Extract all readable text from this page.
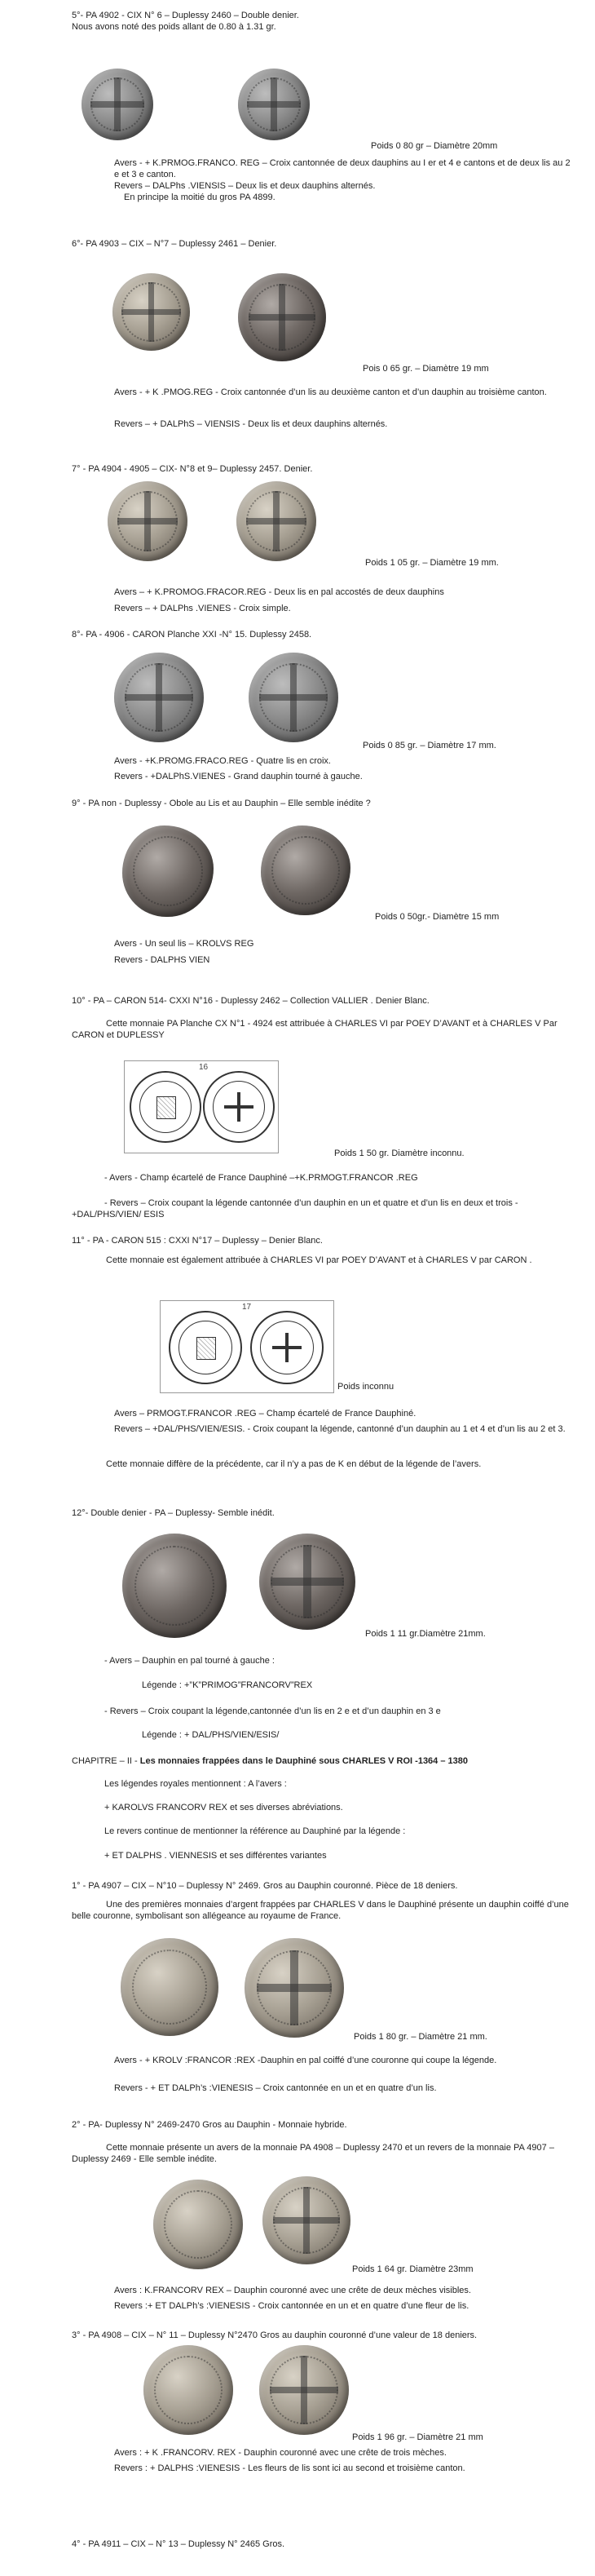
5°- PA 4902 - CIX N° 6 – Duplessy 2460 – Double denier.
Nous avons noté des poids allant de 0.80 à 1.31 gr.
Poids 0 80 gr – Diamètre 20mm
Avers - + K.PRMOG.FRANCO. REG – Croix cantonnée de deux dauphins au I er et 4 e cantons et de deux lis au 2 e et 3 e canton.
Revers – DALPhs .VIENSIS – Deux lis et deux dauphins alternés.
En principe la moitié du gros PA 4899.
6°- PA 4903 – CIX – N°7 – Duplessy 2461 – Denier.
Pois 0 65 gr. – Diamètre 19 mm
Avers - + K .PMOG.REG - Croix cantonnée d’un lis au deuxième canton et d’un dauphin au troisième canton.
Revers – + DALPhS – VIENSIS - Deux lis et deux dauphins alternés.
7° - PA 4904 - 4905 – CIX- N°8 et 9– Duplessy 2457. Denier.
Poids 1 05 gr. – Diamètre 19 mm.
Avers – + K.PROMOG.FRACOR.REG - Deux lis en pal accostés de deux dauphins
Revers – + DALPhs .VIENES - Croix simple.
8°- PA - 4906 - CARON Planche XXI -N° 15. Duplessy 2458.
Poids 0 85 gr. – Diamètre 17 mm.
Avers - +K.PROMG.FRACO.REG - Quatre lis en croix.
Revers - +DALPhS.VIENES - Grand dauphin tourné à gauche.
9° - PA non - Duplessy - Obole au Lis et au Dauphin – Elle semble inédite ?
Poids 0 50gr.- Diamètre 15 mm
Avers - Un seul lis – KROLVS REG
Revers - DALPHS VIEN
10° - PA – CARON 514- CXXI N°16 - Duplessy 2462 – Collection VALLIER . Denier Blanc.
Cette monnaie PA Planche CX N°1 - 4924 est attribuée à CHARLES VI par POEY D’AVANT et à CHARLES V Par CARON et DUPLESSY
16
Poids 1 50 gr. Diamètre inconnu.
- Avers - Champ écartelé de France Dauphiné –+K.PRMOGT.FRANCOR .REG
- Revers – Croix coupant la légende cantonnée d’un dauphin en un et quatre et d’un lis en deux et trois - +DAL/PHS/VIEN/ ESIS
11° - PA - CARON 515 : CXXI N°17 – Duplessy – Denier Blanc.
Cette monnaie est également attribuée à CHARLES VI par POEY D’AVANT et à CHARLES V par CARON .
17
Poids inconnu
Avers – PRMOGT.FRANCOR .REG – Champ écartelé de France Dauphiné.
Revers – +DAL/PHS/VIEN/ESIS. - Croix coupant la légende, cantonné d’un dauphin au 1 et 4 et d’un lis au 2 et 3.
Cette monnaie diffère de la précédente, car il n’y a pas de K en début de la légende de l’avers.
12°- Double denier - PA – Duplessy- Semble inédit.
Poids 1 11 gr.Diamètre 21mm.
- Avers – Dauphin en pal tourné à gauche :
Légende : +”K”PRIMOG”FRANCORV”REX
- Revers – Croix coupant la légende,cantonnée d’un lis en 2 e et d’un dauphin en 3 e
Légende : + DAL/PHS/VIEN/ESIS/
CHAPITRE – II - Les monnaies frappées dans le Dauphiné sous CHARLES V ROI -1364 – 1380
Les légendes royales mentionnent : A l’avers :
+ KAROLVS FRANCORV REX et ses diverses abréviations.
Le revers continue de mentionner la référence au Dauphiné par la légende :
+ ET DALPHS . VIENNESIS et ses différentes variantes
1° - PA 4907 – CIX – N°10 – Duplessy N° 2469. Gros au Dauphin couronné. Pièce de 18 deniers.
Une des premières monnaies d’argent frappées par CHARLES V dans le Dauphiné présente un dauphin coiffé d’une belle couronne, symbolisant son allégeance au royaume de France.
Poids 1 80 gr. – Diamètre 21 mm.
Avers - + KROLV :FRANCOR :REX -Dauphin en pal coiffé d’une couronne qui coupe la légende.
Revers - + ET DALPh’s :VIENESIS – Croix cantonnée en un et en quatre d’un lis.
2° - PA- Duplessy N° 2469-2470 Gros au Dauphin - Monnaie hybride.
Cette monnaie présente un avers de la monnaie PA 4908 – Duplessy 2470 et un revers de la monnaie PA 4907 – Duplessy 2469 - Elle semble inédite.
Poids 1 64 gr. Diamètre 23mm
Avers : K.FRANCORV REX – Dauphin couronné avec une crête de deux mèches visibles.
Revers :+ ET DALPh’s :VIENESIS - Croix cantonnée en un et en quatre d’une fleur de lis.
3° - PA 4908 – CIX – N° 11 – Duplessy N°2470 Gros au dauphin couronné d’une valeur de 18 deniers.
Poids 1 96 gr. – Diamètre 21 mm
Avers : + K .FRANCORV. REX - Dauphin couronné avec une crête de trois mèches.
Revers : + DALPHS :VIENESIS - Les fleurs de lis sont ici au second et troisième canton.
4° - PA 4911 – CIX – N° 13 – Duplessy N° 2465 Gros.
